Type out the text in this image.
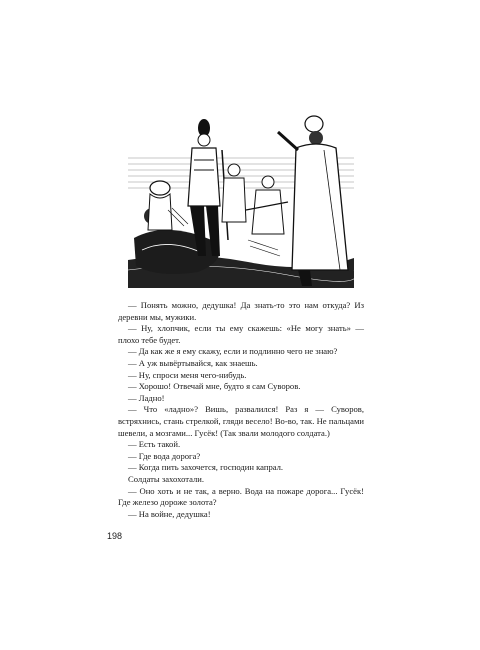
— Понять можно, дедушка! Да знать-то это нам откуда? Из деревни мы, мужики.

— Ну, хлопчик, если ты ему скажешь: «Не могу знать» — плохо тебе будет.

— Да как же я ему скажу, если и подлинно чего не знаю?

— А уж вывёртывайся, как знаешь.

— Ну, спроси меня чего-нибудь.

— Хорошо! Отвечай мне, будто я сам Суворов.

— Ладно!

— Что «ладно»? Вишь, развалился! Раз я — Суворов, встряхнись, стань стрелкой, гляди весело! Во-во, так. Не пальцами шевели, а мозгами... Гусёк! (Так звали молодого солдата.)

— Есть такой.

— Где вода дорога?

— Когда пить захочется, господин капрал.

Солдаты захохотали.

— Оно хоть и не так, а верно. Вода на пожаре дорога... Гусёк! Где железо дороже золота?

— На войне, дедушка!

198
